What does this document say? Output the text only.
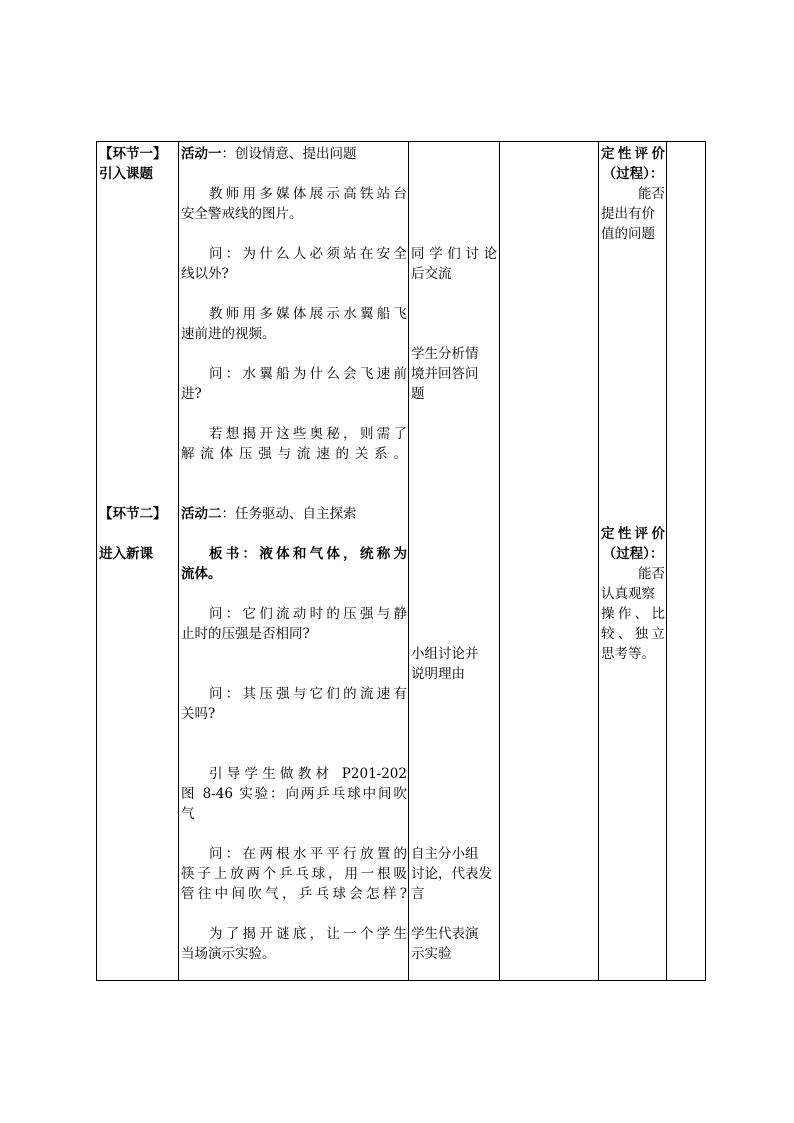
【环节一】
引入课题
【环节二】
进入新课
活动一：创设情意、提出问题
教师用多媒体展示高铁站台
安全警戒线的图片。
问：为什么人必须站在安全
线以外?
教师用多媒体展示水翼船飞
速前进的视频。
问：水翼船为什么会飞速前
进?
若想揭开这些奥秘，则需了
解流体压强与流速的关系。
活动二：任务驱动、自主探索
板书：液体和气体，统称为
流体。
问：它们流动时的压强与静
止时的压强是否相同?
问：其压强与它们的流速有
关吗?
引导学生做教材 P201-202
图 8-46 实验：向两乒乓球中间吹
气
问：在两根水平平行放置的
筷子上放两个乒乓球，用一根吸
管往中间吹气，乒乓球会怎样?
为了揭开谜底，让一个学生
当场演示实验。
同学们讨论
后交流
学生分析情
境并回答问
题
小组讨论并
说明理由
自主分小组
讨论，代表发
言
学生代表演
示实验
定性评价
（过程）：
能否
提出有价
值的问题
定性评价
（过程）：
能否
认真观察
操作、比
较、独立
思考等。
